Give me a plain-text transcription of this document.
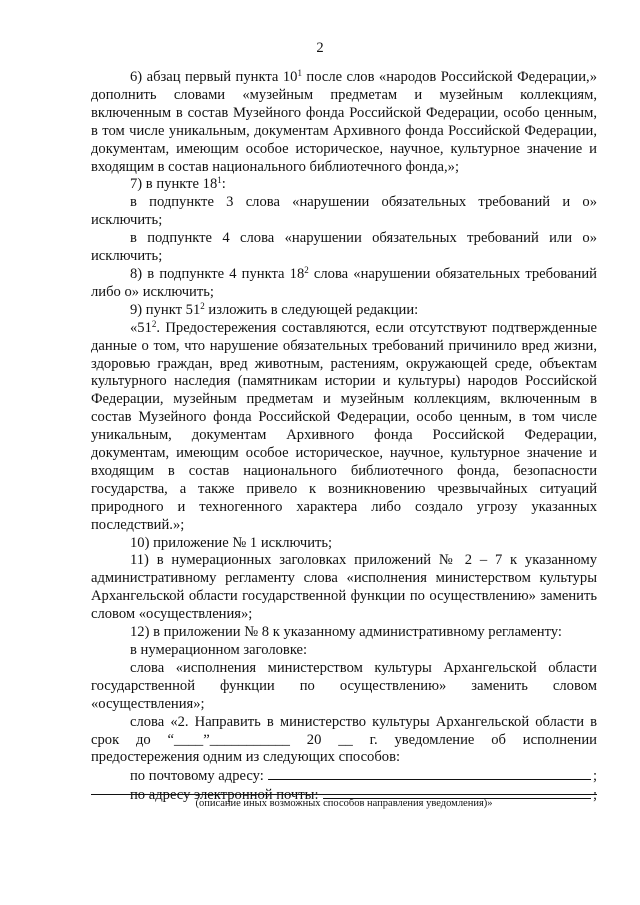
2

6) абзац первый пункта $10^1$ после слов «народов Российской Федерации,» дополнить словами «музейным предметам и музейным коллекциям, включенным в состав Музейного фонда Российской Федерации, особо ценным, в том числе уникальным, документам Архивного фонда Российской Федерации, документам, имеющим особое историческое, научное, культурное значение и входящим в состав национального библиотечного фонда,»;

7) в пункте $18^1$:

в подпункте 3 слова «нарушении обязательных требований и о» исключить;

в подпункте 4 слова «нарушении обязательных требований или о» исключить;

8) в подпункте 4 пункта $18^2$ слова «нарушении обязательных требований либо о» исключить;

9) пункт $51^2$ изложить в следующей редакции:

«$51^2$. Предостережения составляются, если отсутствуют подтвержденные данные о том, что нарушение обязательных требований причинило вред жизни, здоровью граждан, вред животным, растениям, окружающей среде, объектам культурного наследия (памятникам истории и культуры) народов Российской Федерации, музейным предметам и музейным коллекциям, включенным в состав Музейного фонда Российской Федерации, особо ценным, в том числе уникальным, документам Архивного фонда Российской Федерации, документам, имеющим особое историческое, научное, культурное значение и входящим в состав национального библиотечного фонда, безопасности государства, а также привело к возникновению чрезвычайных ситуаций природного и техногенного характера либо создало угрозу указанных последствий.»;

10) приложение № 1 исключить;

11) в нумерационных заголовках приложений № 2 – 7 к указанному административному регламенту слова «исполнения министерством культуры Архангельской области государственной функции по осуществлению» заменить словом «осуществления»;

12) в приложении № 8 к указанному административному регламенту:

в нумерационном заголовке:

слова «исполнения министерством культуры Архангельской области государственной функции по осуществлению» заменить словом «осуществления»;

слова «2. Направить в министерство культуры Архангельской области в срок до “____”___________ 20 __ г. уведомление об исполнении предостережения одним из следующих способов:

по почтовому адресу:	;
по адресу электронной почты:	;
(описание иных возможных способов направления уведомления)»
